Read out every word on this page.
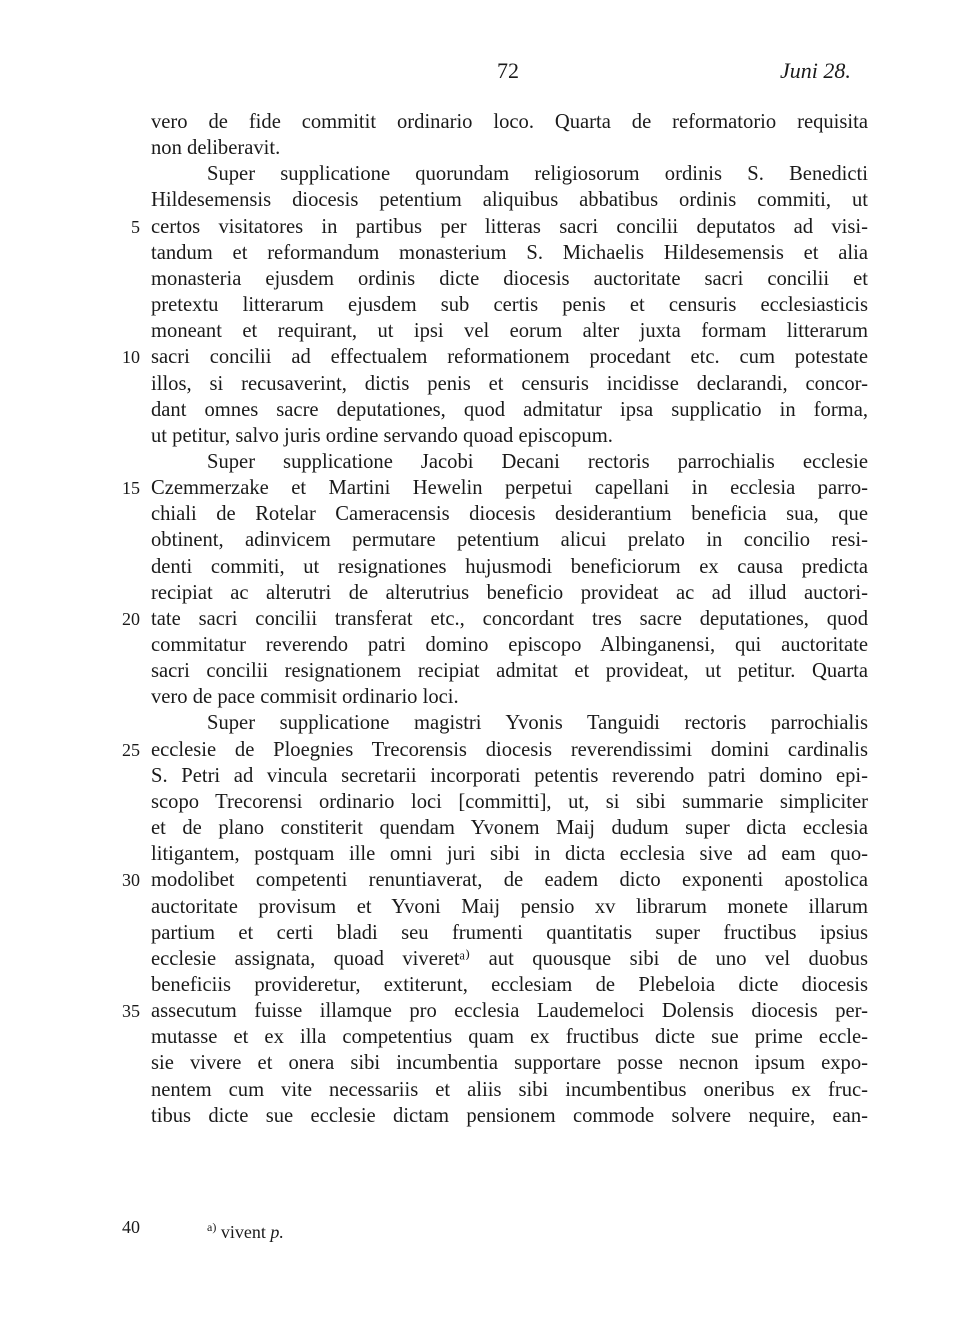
72	Juni 28.
vero de fide commitit ordinario loco. Quarta de reformatorio requisita
non deliberavit.
Super supplicatione quorundam religiosorum ordinis S. Benedicti
Hildesemensis diocesis petentium aliquibus abbatibus ordinis commiti, ut
certos visitatores in partibus per litteras sacri concilii deputatos ad visi-
5
tandum et reformandum monasterium S. Michaelis Hildesemensis et alia
monasteria ejusdem ordinis dicte diocesis auctoritate sacri concilii et
pretextu litterarum ejusdem sub certis penis et censuris ecclesiasticis
moneant et requirant, ut ipsi vel eorum alter juxta formam litterarum
sacri concilii ad effectualem reformationem procedant etc. cum potestate
10
illos, si recusaverint, dictis penis et censuris incidisse declarandi, concor-
dant omnes sacre deputationes, quod admitatur ipsa supplicatio in forma,
ut petitur, salvo juris ordine servando quoad episcopum.
Super supplicatione Jacobi Decani rectoris parrochialis ecclesie
Czemmerzake et Martini Hewelin perpetui capellani in ecclesia parro-
15
chiali de Rotelar Cameracensis diocesis desiderantium beneficia sua, que
obtinent, adinvicem permutare petentium alicui prelato in concilio resi-
denti commiti, ut resignationes hujusmodi beneficiorum ex causa predicta
recipiat ac alterutri de alterutrius beneficio provideat ac ad illud auctori-
tate sacri concilii transferat etc., concordant tres sacre deputationes, quod
20
commitatur reverendo patri domino episcopo Albinganensi, qui auctoritate
sacri concilii resignationem recipiat admitat et provideat, ut petitur. Quarta
vero de pace commisit ordinario loci.
Super supplicatione magistri Yvonis Tanguidi rectoris parrochialis
ecclesie de Ploegnies Trecorensis diocesis reverendissimi domini cardinalis
25
S. Petri ad vincula secretarii incorporati petentis reverendo patri domino epi-
scopo Trecorensi ordinario loci [committi], ut, si sibi summarie simpliciter
et de plano constiterit quendam Yvonem Maij dudum super dicta ecclesia
litigantem, postquam ille omni juri sibi in dicta ecclesia sive ad eam quo-
modolibet competenti renuntiaverat, de eadem dicto exponenti apostolica
30
auctoritate provisum et Yvoni Maij pensio xv librarum monete illarum
partium et certi bladi seu frumenti quantitatis super fructibus ipsius
ecclesie assignata, quoad viveretᵃ⁾ aut quousque sibi de uno vel duobus
beneficiis provideretur, extiterunt, ecclesiam de Plebeloia dicte diocesis
assecutum fuisse illamque pro ecclesia Laudemeloci Dolensis diocesis per-
35
mutasse et ex illa competentius quam ex fructibus dicte sue prime eccle-
sie vivere et onera sibi incumbentia supportare posse necnon ipsum expo-
nentem cum vite necessariis et aliis sibi incumbentibus oneribus ex fruc-
tibus dicte sue ecclesie dictam pensionem commode solvere nequire, ean-
40	$^{a)}$ vivent p.
